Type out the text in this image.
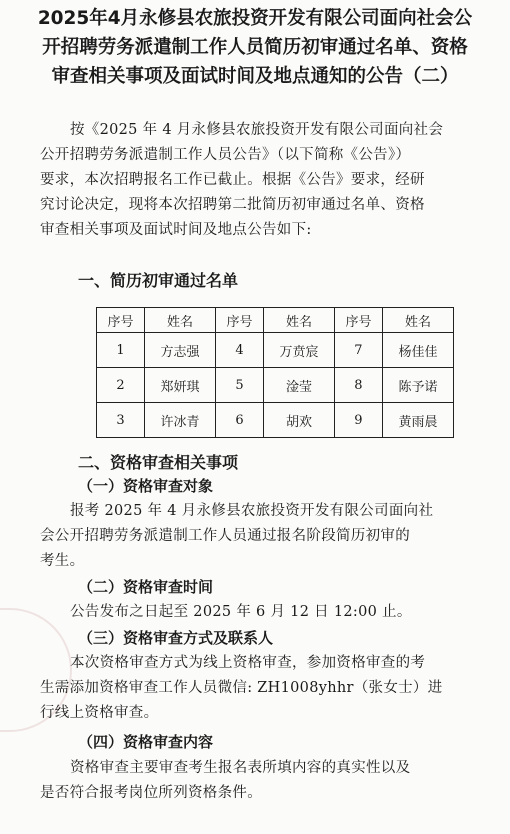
2025年4月永修县农旅投资开发有限公司面向社会公
开招聘劳务派遣制工作人员简历初审通过名单、资格
审查相关事项及面试时间及地点通知的公告（二）
按《2025 年 4 月永修县农旅投资开发有限公司面向社会
公开招聘劳务派遣制工作人员公告》（以下简称《公告》）
要求，本次招聘报名工作已截止。根据《公告》要求，经研
究讨论决定，现将本次招聘第二批简历初审通过名单、资格
审查相关事项及面试时间及地点公告如下:
一、简历初审通过名单
序号	姓名	序号	姓名	序号	姓名
1	方志强	4	万贲宸	7	杨佳佳
2	郑妍琪	5	淦莹	8	陈予诺
3	许冰青	6	胡欢	9	黄雨晨
二、资格审查相关事项
（一）资格审查对象
报考 2025 年 4 月永修县农旅投资开发有限公司面向社
会公开招聘劳务派遣制工作人员通过报名阶段简历初审的
考生。
（二）资格审查时间
公告发布之日起至 2025 年 6 月 12 日 12:00 止。
（三）资格审查方式及联系人
本次资格审查方式为线上资格审查，参加资格审查的考
生需添加资格审查工作人员微信: ZH1008yhhr（张女士）进
行线上资格审查。
（四）资格审查内容
资格审查主要审查考生报名表所填内容的真实性以及
是否符合报考岗位所列资格条件。
